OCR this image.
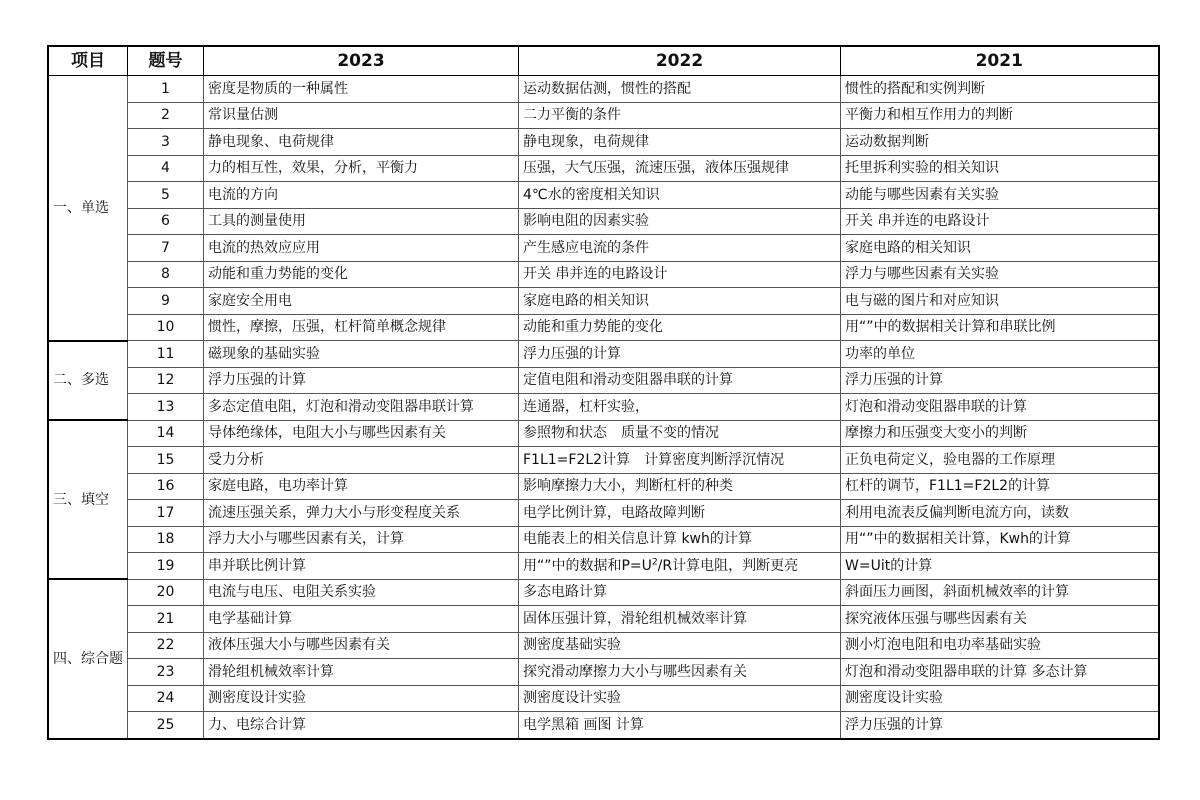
项目	题号	2023	2022	2021
一、单选	1	密度是物质的一种属性	运动数据估测，惯性的搭配	惯性的搭配和实例判断
	2	常识量估测	二力平衡的条件	平衡力和相互作用力的判断
	3	静电现象、电荷规律	静电现象，电荷规律	运动数据判断
	4	力的相互性，效果，分析，平衡力	压强，大气压强，流速压强，液体压强规律	托里拆利实验的相关知识
	5	电流的方向	4℃水的密度相关知识	动能与哪些因素有关实验
	6	工具的测量使用	影响电阻的因素实验	开关 串并连的电路设计
	7	电流的热效应应用	产生感应电流的条件	家庭电路的相关知识
	8	动能和重力势能的变化	开关 串并连的电路设计	浮力与哪些因素有关实验
	9	家庭安全用电	家庭电路的相关知识	电与磁的图片和对应知识
	10	惯性，摩擦，压强，杠杆简单概念规律	动能和重力势能的变化	用“”中的数据相关计算和串联比例
二、多选	11	磁现象的基础实验	浮力压强的计算	功率的单位
	12	浮力压强的计算	定值电阻和滑动变阻器串联的计算	浮力压强的计算
	13	多态定值电阻，灯泡和滑动变阻器串联计算	连通器，杠杆实验，	灯泡和滑动变阻器串联的计算
三、填空	14	导体绝缘体，电阻大小与哪些因素有关	参照物和状态　质量不变的情况	摩擦力和压强变大变小的判断
	15	受力分析	F1L1=F2L2计算　计算密度判断浮沉情况	正负电荷定义，验电器的工作原理
	16	家庭电路，电功率计算	影响摩擦力大小，判断杠杆的种类	杠杆的调节，F1L1=F2L2的计算
	17	流速压强关系，弹力大小与形变程度关系	电学比例计算，电路故障判断	利用电流表反偏判断电流方向，读数
	18	浮力大小与哪些因素有关，计算	电能表上的相关信息计算 kwh的计算	用“”中的数据相关计算，Kwh的计算
	19	串并联比例计算	用“”中的数据和$P=U^2/R$计算电阻，判断更亮	W=Uit的计算
四、综合题	20	电流与电压、电阻关系实验	多态电路计算	斜面压力画图，斜面机械效率的计算
	21	电学基础计算	固体压强计算，滑轮组机械效率计算	探究液体压强与哪些因素有关
	22	液体压强大小与哪些因素有关	测密度基础实验	测小灯泡电阻和电功率基础实验
	23	滑轮组机械效率计算	探究滑动摩擦力大小与哪些因素有关	灯泡和滑动变阻器串联的计算 多态计算
	24	测密度设计实验	测密度设计实验	测密度设计实验
	25	力、电综合计算	电学黑箱 画图 计算	浮力压强的计算
